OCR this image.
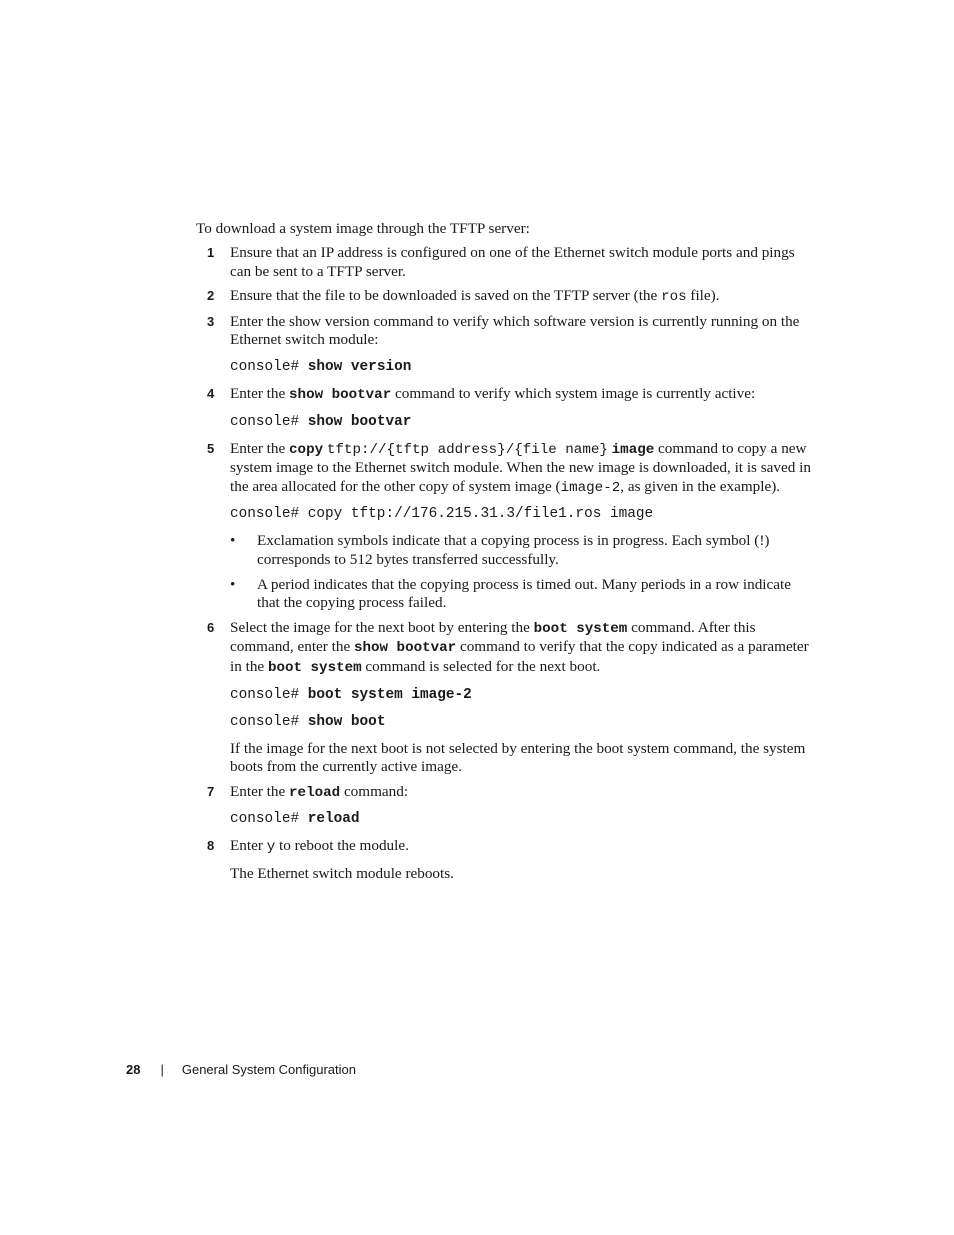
To download a system image through the TFTP server:

1 Ensure that an IP address is configured on one of the Ethernet switch module ports and pings can be sent to a TFTP server.

2 Ensure that the file to be downloaded is saved on the TFTP server (the ros file).

3 Enter the show version command to verify which software version is currently running on the Ethernet switch module:

console# show version
4 Enter the show bootvar command to verify which system image is currently active:

console# show bootvar
5 Enter the copy tftp://{tftp address}/{file name} image command to copy a new system image to the Ethernet switch module. When the new image is downloaded, it is saved in the area allocated for the other copy of system image (image-2, as given in the example).

console# copy tftp://176.215.31.3/file1.ros image
• Exclamation symbols indicate that a copying process is in progress. Each symbol (!) corresponds to 512 bytes transferred successfully.
• A period indicates that the copying process is timed out. Many periods in a row indicate that the copying process failed.
6 Select the image for the next boot by entering the boot system command. After this command, enter the show bootvar command to verify that the copy indicated as a parameter in the boot system command is selected for the next boot.

console# boot system image-2
console# show boot

If the image for the next boot is not selected by entering the boot system command, the system boots from the currently active image.

7 Enter the reload command:

console# reload
8 Enter y to reboot the module.

The Ethernet switch module reboots.

28 | General System Configuration
